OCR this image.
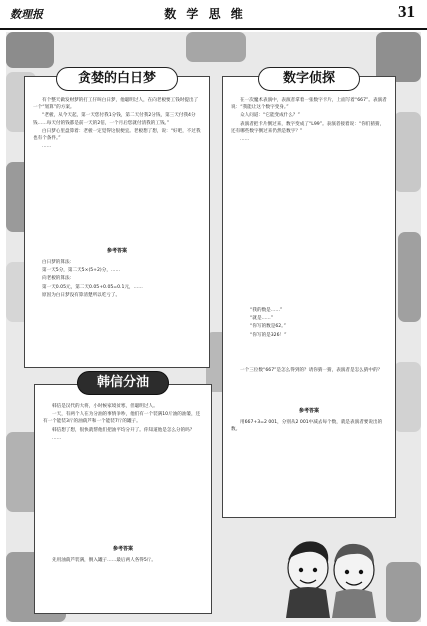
数理报	数 学 思 维	31
贪婪的白日梦

有个整天做发财梦的打工仔叫白日梦，他聪明过人，在向老板要工钱时提出了一个“划算”的方案。

“老板，从今天起，第一天您付我1分钱，第二天付我2分钱，第三天付我4分钱……每天付的钱都是前一天的2倍，一个月后您就付清我的工钱。”

白日梦心里盘算着：老板一定觉得这很便宜。老板想了想，说：“好吧，不过我也有个条件。”

……

参考答案

白日梦的算法：

第一天5分，第二天5×(5+2)分，……

向老板的算法：

第一天0.05元，第二天0.05+0.05=0.1元，……

原因为白日梦没有算清楚所以吃亏了。

韩信分油

韩信是汉代的大将，小时候家境贫寒，但聪明过人。

一天，有两个人在为分油的事情争吵，他们有一个装满10斤油的油篓，还有一个能装3斤的油葫芦和一个能装7斤的罐子。

韩信想了想，很快就帮他们把油平均分开了。你知道他是怎么分的吗？

……

参考答案

先用油葫芦装满，倒入罐子……最后两人各得5斤。

数字侦探

在一次魔术表演中，表演者拿着一张数字卡片，上面写着“667”。表演者说：“我能让这个数字变身。”

众人问道：“它能变成什么？”

表演者把卡片倒过来，数字变成了“L99”。表演者接着说：“你们猜猜，还有哪些数字倒过来仍然是数字？”

……

“我的数是……”

“就是……”

“你写的数是62。”

“你写的是326！”

一个三位数“667”是怎么得到的？请你猜一猜，表演者是怎么猜中的？

参考答案

用667+3=2 001，分别从2 001中减去每个数，就是表演者要说出的数。
